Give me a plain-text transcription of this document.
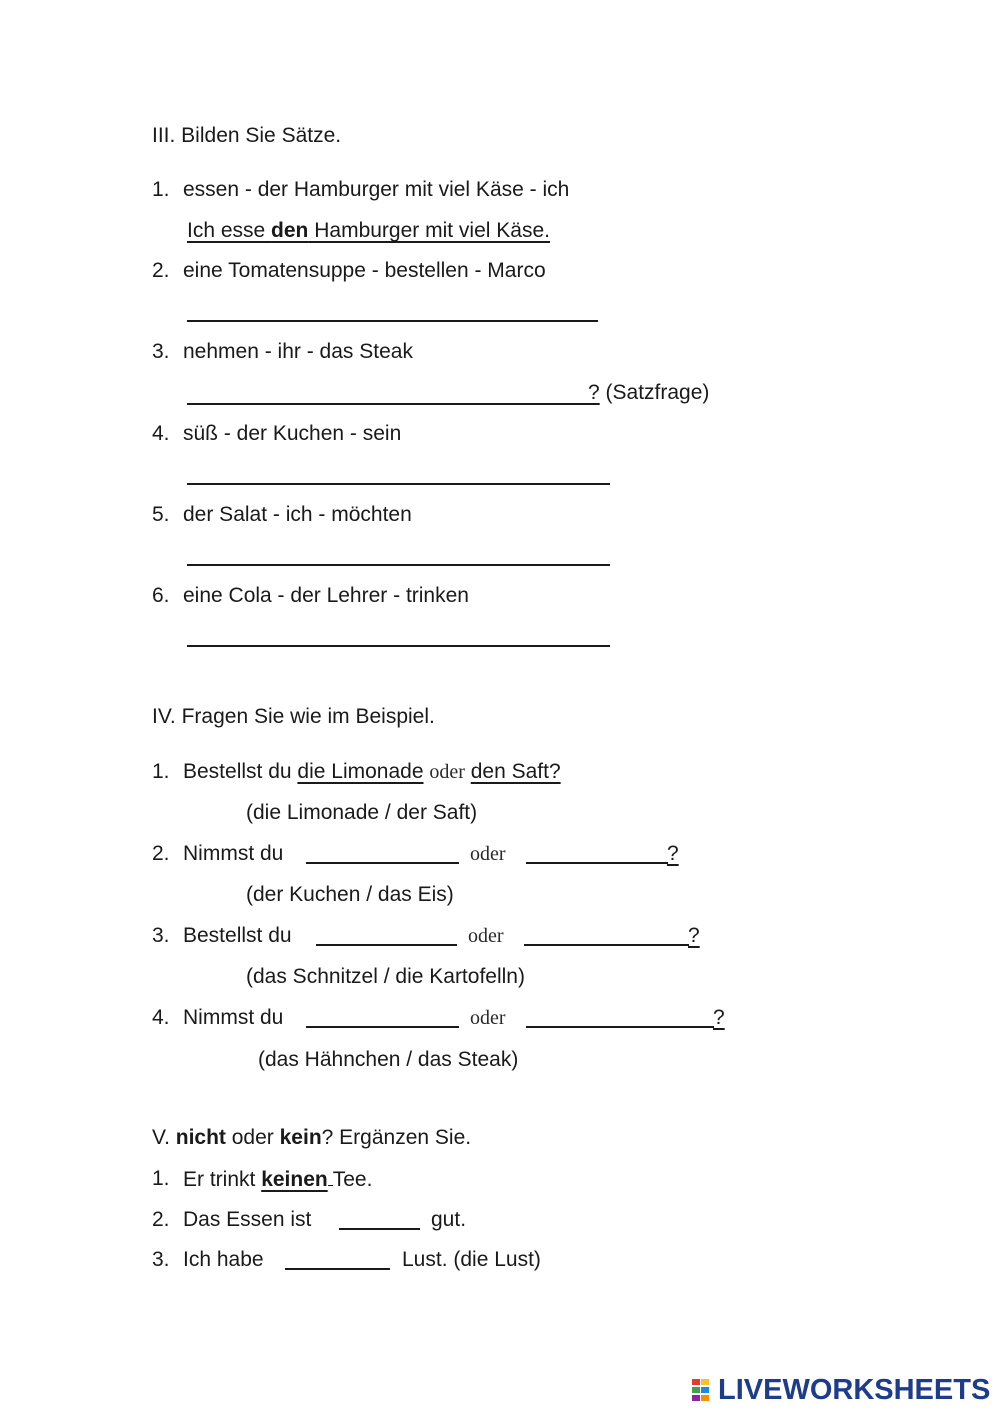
III. Bilden Sie Sätze.
1. essen - der Hamburger mit viel Käse - ich
Ich esse den Hamburger mit viel Käse.
2. eine Tomatensuppe - bestellen - Marco
3. nehmen - ihr - das Steak
? (Satzfrage)
4. süß - der Kuchen - sein
5. der Salat - ich - möchten
6. eine Cola - der Lehrer - trinken
IV. Fragen Sie wie im Beispiel.
1. Bestellst du die Limonade oder den Saft?
(die Limonade / der Saft)
2. Nimmst du	oder	?
(der Kuchen / das Eis)
3. Bestellst du	oder	?
(das Schnitzel / die Kartofelln)
4. Nimmst du	oder	?
(das Hähnchen / das Steak)
V. nicht oder kein? Ergänzen Sie.
1. Er trinkt keinen Tee.
2. Das Essen ist	gut.
3. Ich habe	Lust. (die Lust)
LIVEWORKSHEETS
